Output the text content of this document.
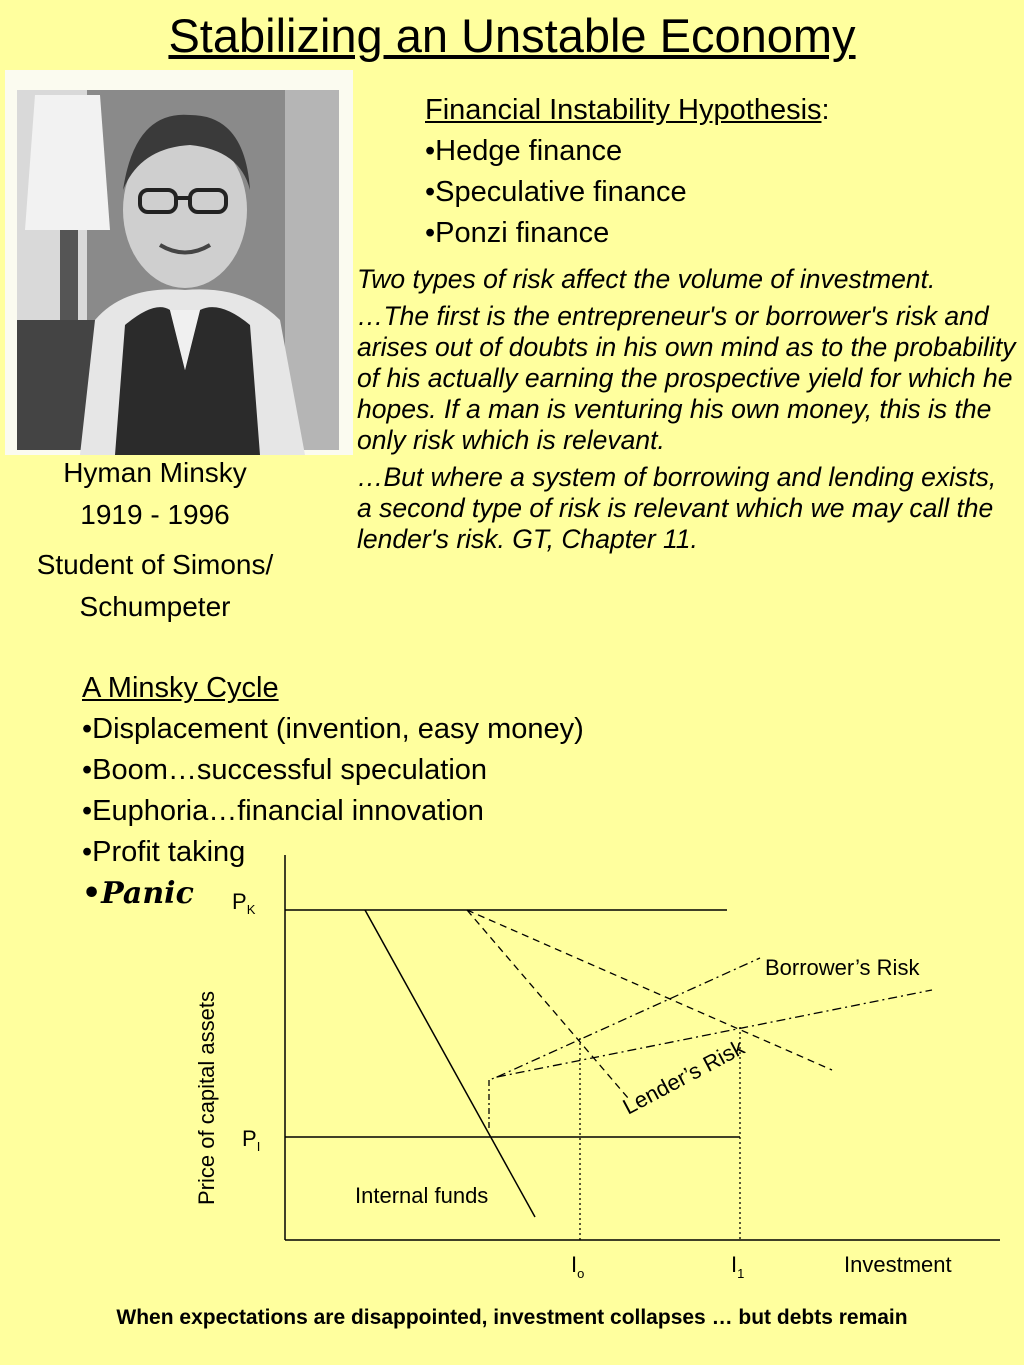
Stabilizing an Unstable Economy
Hyman Minsky
1919 - 1996
Student of Simons/
Schumpeter
Financial Instability Hypothesis:
•Hedge finance
•Speculative finance
•Ponzi finance

Two types of risk affect the volume of investment.

…The first is the entrepreneur's or borrower's risk and arises out of doubts in his own mind as to the probability of his actually earning the prospective yield for which he hopes. If a man is venturing his own money, this is the only risk which is relevant.

…But where a system of borrowing and lending exists, a second type of risk is relevant which we may call the lender's risk. GT, Chapter 11.

A Minsky Cycle
•Displacement (invention, easy money)
•Boom…successful speculation
•Euphoria…financial innovation
•Profit taking
•Panic	$P_K$
$P_I$
$I_o$	$I_1$	Investment
Borrower’s Risk
Internal funds
Lender’s Risk
Price of capital assets
When expectations are disappointed, investment collapses … but debts remain
